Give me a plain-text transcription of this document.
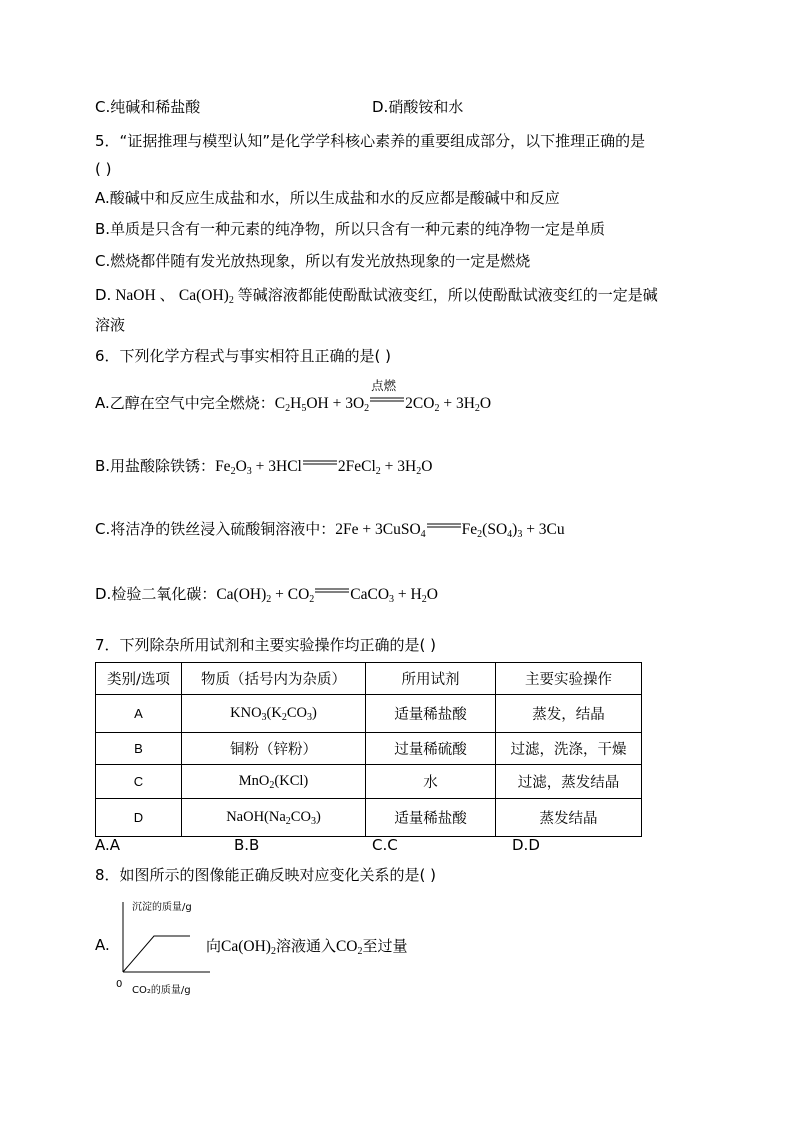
C.纯碱和稀盐酸	D.硝酸铵和水
5．“证据推理与模型认知”是化学学科核心素养的重要组成部分，以下推理正确的是
( )
A.酸碱中和反应生成盐和水，所以生成盐和水的反应都是酸碱中和反应
B.单质是只含有一种元素的纯净物，所以只含有一种元素的纯净物一定是单质
C.燃烧都伴随有发光放热现象，所以有发光放热现象的一定是燃烧
D. NaOH 、 $Ca(OH)_2$ 等碱溶液都能使酚酞试液变红，所以使酚酞试液变红的一定是碱
溶液
6．下列化学方程式与事实相符且正确的是( )
A.乙醇在空气中完全燃烧：$C_2H_5OH + 3O_2$
点燃
$2CO_2 + 3H_2O$
B.用盐酸除铁锈：$Fe_2O_3 + 3HCl$ 2FeCl$_2$ + $3H_2O$
C.将洁净的铁丝浸入硫酸铜溶液中：2Fe + 3CuSO$_4$ $Fe_2(SO_4)_3 + 3Cu$
D.检验二氧化碳：$Ca(OH)_2 + CO_2$ CaCO$_3$ + $H_2O$
7．下列除杂所用试剂和主要实验操作均正确的是( )
类别/选项	物质（括号内为杂质）	所用试剂	主要实验操作
A	$KNO_3(K_2CO_3)$	适量稀盐酸	蒸发，结晶
B	铜粉（锌粉）	过量稀硫酸	过滤，洗涤，干燥
C	MnO$_2$(KCl)	水	过滤，蒸发结晶
D	$NaOH(Na_2CO_3)$	适量稀盐酸	蒸发结晶
A.A	B.B	C.C	D.D
8．如图所示的图像能正确反映对应变化关系的是( )
A.
沉淀的质量/g
0
CO₂的质量/g
向$Ca(OH)_2$溶液通入$CO_2$至过量
